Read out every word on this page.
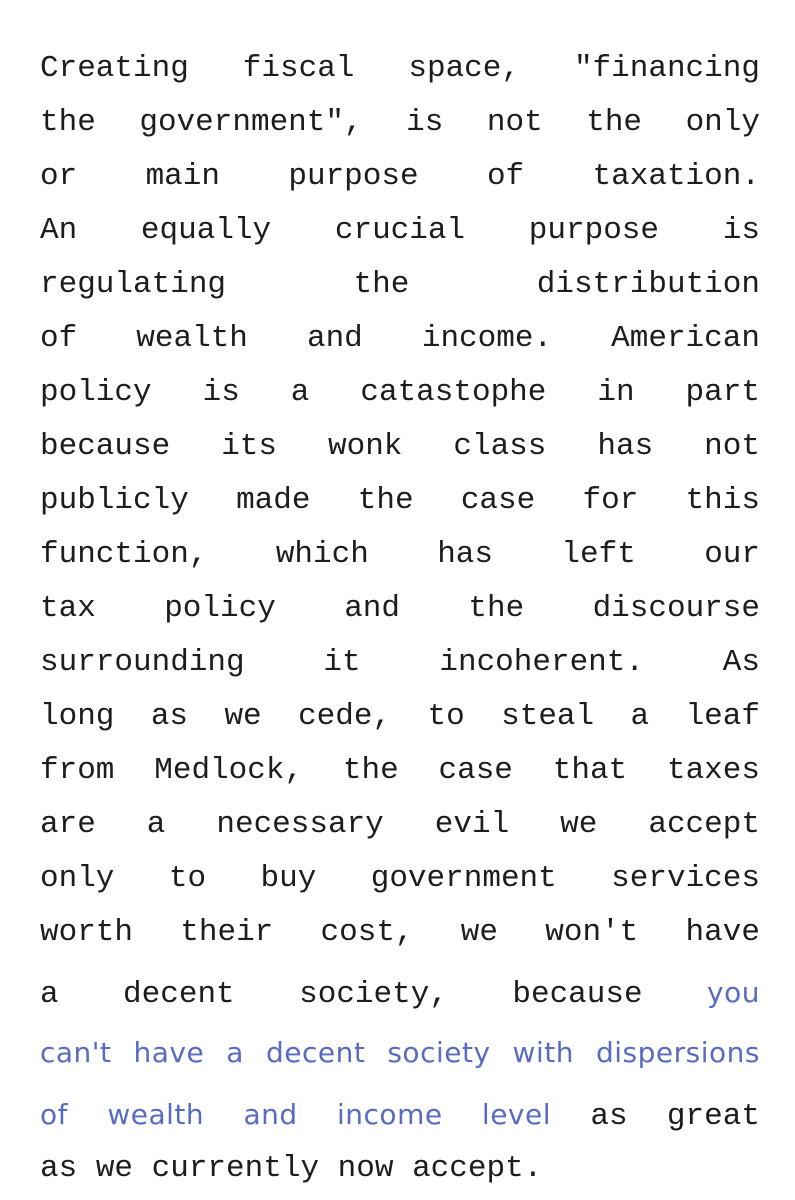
Creating fiscal space, "financing
the government", is not the only
or main purpose of taxation.
An equally crucial purpose is
regulating	the	distribution
of wealth and income. American
policy is a catastophe in part
because its wonk class has not
publicly made the case for this
function, which has left our
tax policy and the discourse
surrounding	it	incoherent.	As
long as we cede, to steal a leaf
from Medlock, the case that taxes
are a necessary evil we accept
only to buy government services
worth their cost, we won't have
a decent society, because you
can't have a decent society with dispersions
of wealth and income level as great
as we currently now accept.
